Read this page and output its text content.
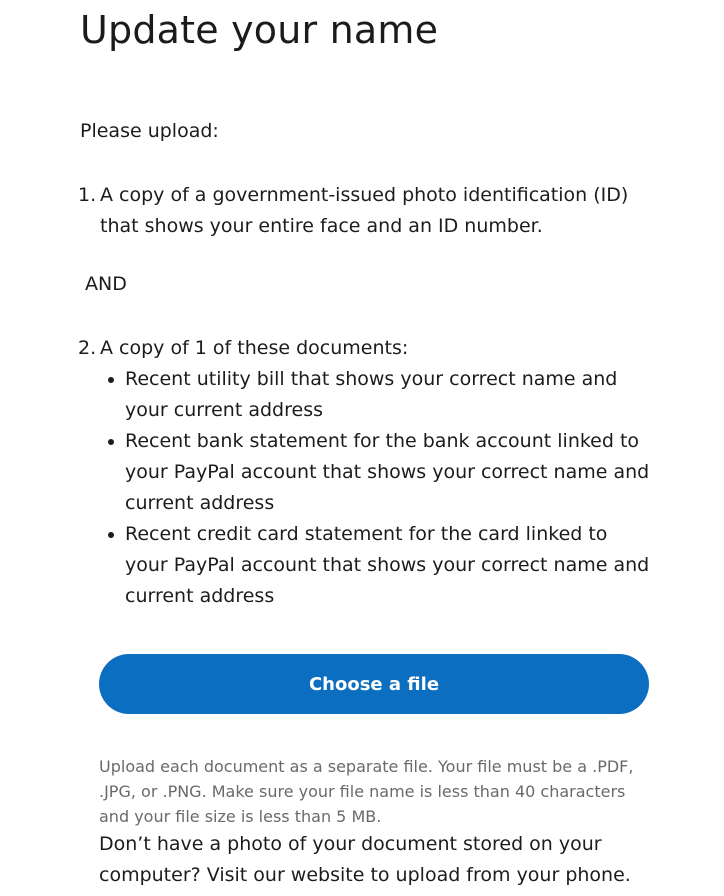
Update your name

Please upload:

1. A copy of a government-issued photo identification (ID)
that shows your entire face and an ID number.
AND
2. A copy of 1 of these documents:
Recent utility bill that shows your correct name and
your current address
Recent bank statement for the bank account linked to
your PayPal account that shows your correct name and
current address
Recent credit card statement for the card linked to
your PayPal account that shows your correct name and
current address
Choose a file
Upload each document as a separate file. Your file must be a .PDF,
.JPG, or .PNG. Make sure your file name is less than 40 characters
and your file size is less than 5 MB.
Don’t have a photo of your document stored on your
computer? Visit our website to upload from your phone.
